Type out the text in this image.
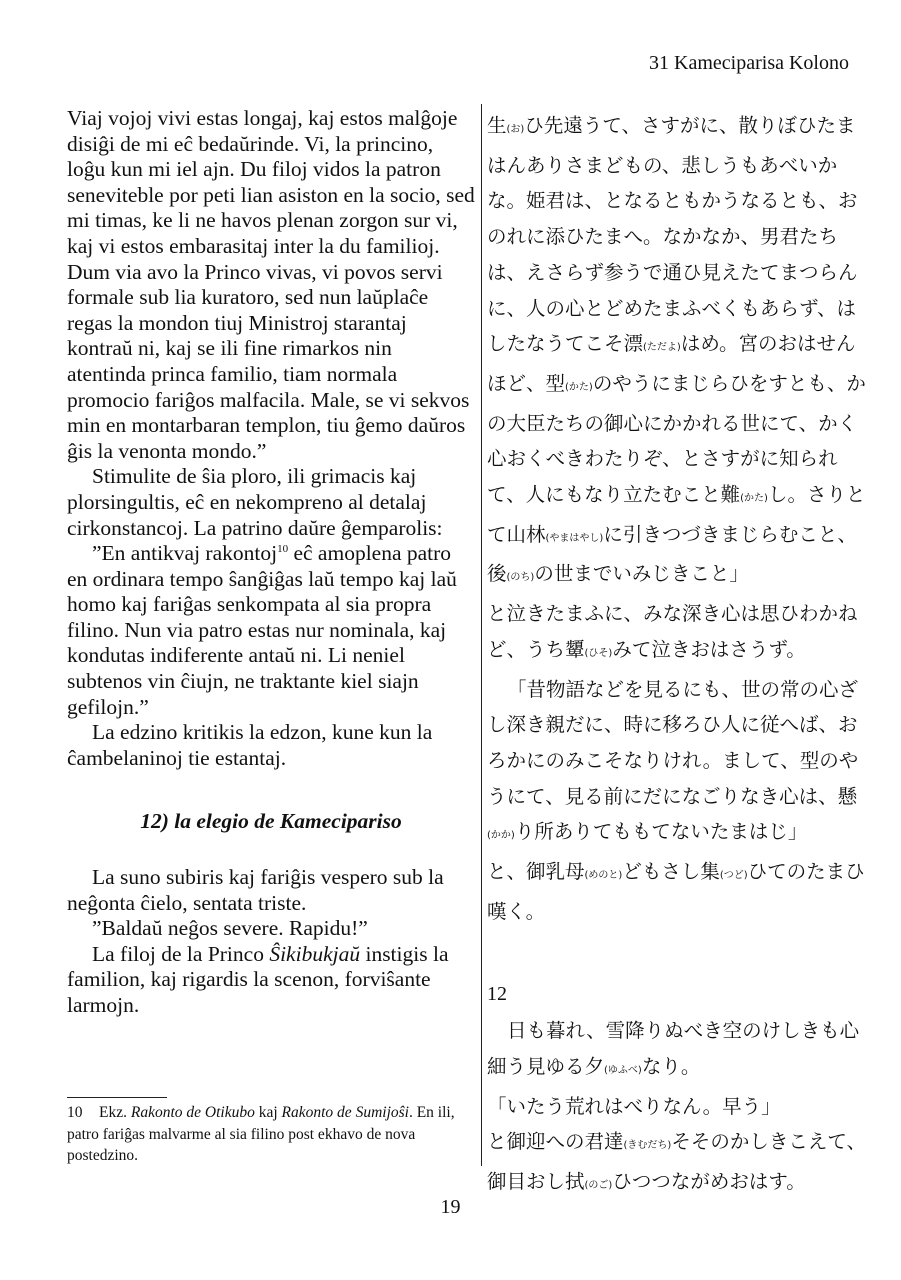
31 Kameciparisa Kolono

Viaj vojoj vivi estas longaj, kaj estos malĝoje disiĝi de mi eĉ bedaŭrinde. Vi, la princino, loĝu kun mi iel ajn. Du filoj vidos la patron seneviteble por peti lian asiston en la socio, sed mi timas, ke li ne havos plenan zorgon sur vi, kaj vi estos embarasitaj inter la du familioj. Dum via avo la Princo vivas, vi povos servi formale sub lia kuratoro, sed nun laŭplaĉe regas la mondon tiuj Ministroj starantaj kontraŭ ni, kaj se ili fine rimarkos nin atentinda princa familio, tiam normala promocio fariĝos malfacila. Male, se vi sekvos min en montarbaran templon, tiu ĝemo daŭros ĝis la venonta mondo.”

Stimulite de ŝia ploro, ili grimacis kaj plorsingultis, eĉ en nekompreno al detalaj cirkonstancoj. La patrino daŭre ĝemparolis:

”En antikvaj rakontoj$^{10}$ eĉ amoplena patro en ordinara tempo ŝanĝiĝas laŭ tempo kaj laŭ homo kaj fariĝas senkompata al sia propra filino. Nun via patro estas nur nominala, kaj kondutas indiferente antaŭ ni. Li neniel subtenos vin ĉiujn, ne traktante kiel siajn gefilojn.”

La edzino kritikis la edzon, kune kun la ĉambelaninoj tie estantaj.

12) la elegio de Kameciparisо

La suno subiris kaj fariĝis vespero sub la neĝonta ĉielo, sentata triste.

”Baldaŭ neĝos severe. Rapidu!”

La filoj de la Princo Ŝikibukjaŭ instigis la familion, kaj rigardis la scenon, forviŝante larmojn.

生(お)ひ先遠うて、さすがに、散りぼひたまはんありさまどもの、悲しうもあべいかな。姫君は、となるともかうなるとも、おのれに添ひたまへ。なかなか、男君たちは、えさらず参うで通ひ見えたてまつらんに、人の心とどめたまふべくもあらず、はしたなうてこそ漂(ただよ)はめ。宮のおはせんほど、型(かた)のやうにまじらひをすとも、かの大臣たちの御心にかかれる世にて、かく心おくべきわたりぞ、とさすがに知られて、人にもなり立たむこと難(かた)し。さりとて山林(やまはやし)に引きつづきまじらむこと、後(のち)の世までいみじきこと」

と泣きたまふに、みな深き心は思ひわかねど、うち顰(ひそ)みて泣きおはさうず。

「昔物語などを見るにも、世の常の心ざし深き親だに、時に移ろひ人に従へば、おろかにのみこそなりけれ。まして、型のやうにて、見る前にだになごりなき心は、懸(かか)り所ありてももてないたまはじ」

と、御乳母(めのと)どもさし集(つど)ひてのたまひ嘆く。

12

日も暮れ、雪降りぬべき空のけしきも心細う見ゆる夕(ゆふべ)なり。

「いたう荒れはべりなん。早う」

と御迎への君達(きむだち)そそのかしきこえて、御目おし拭(のご)ひつつながめおはす。

10 Ekz. Rakonto de Otikubo kaj Rakonto de Sumijoŝi. En ili, patro fariĝas malvarme al sia filino post ekhavo de nova postedzino.
19
